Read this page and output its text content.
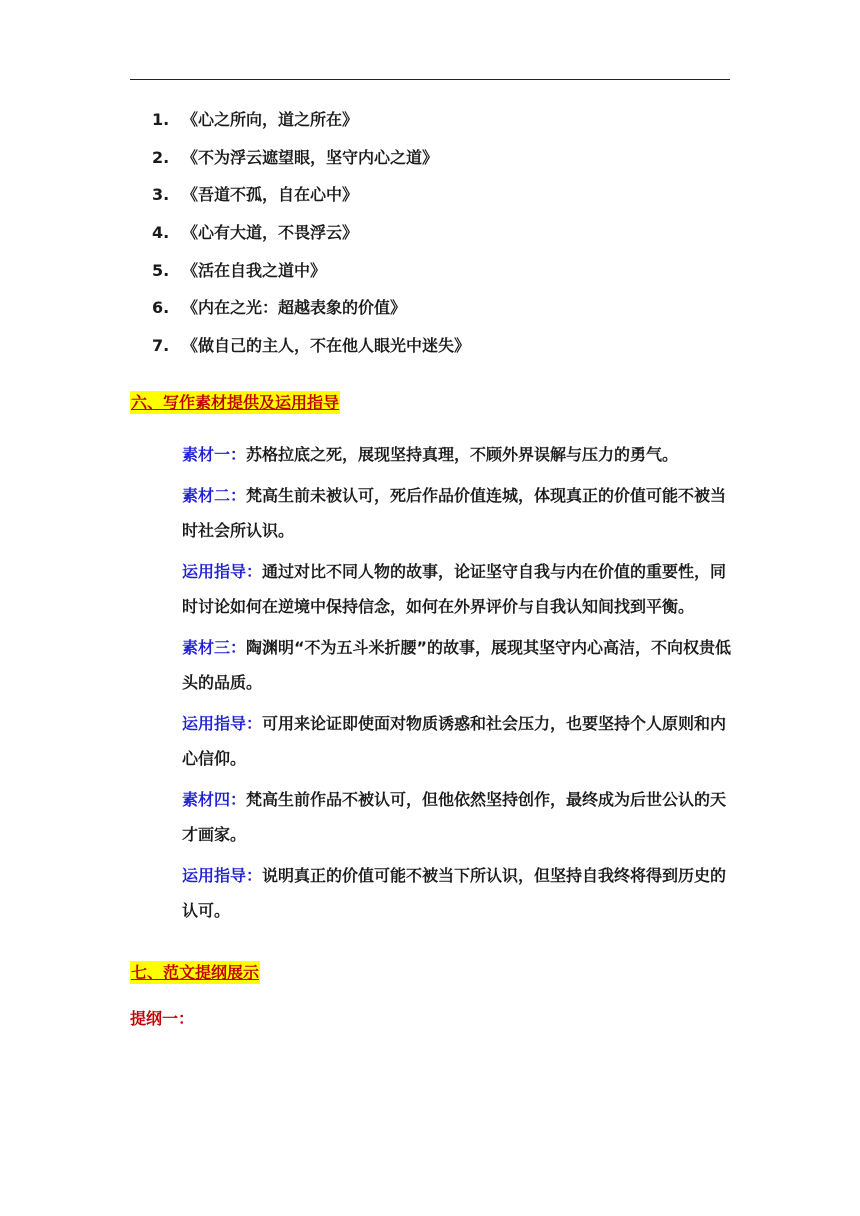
1. 《心之所向，道之所在》
2. 《不为浮云遮望眼，坚守内心之道》
3. 《吾道不孤，自在心中》
4. 《心有大道，不畏浮云》
5. 《活在自我之道中》
6. 《内在之光：超越表象的价值》
7. 《做自己的主人，不在他人眼光中迷失》
六、写作素材提供及运用指导

素材一：苏格拉底之死，展现坚持真理，不顾外界误解与压力的勇气。

素材二：梵高生前未被认可，死后作品价值连城，体现真正的价值可能不被当时社会所认识。

运用指导：通过对比不同人物的故事，论证坚守自我与内在价值的重要性，同时讨论如何在逆境中保持信念，如何在外界评价与自我认知间找到平衡。

素材三：陶渊明“不为五斗米折腰”的故事，展现其坚守内心高洁，不向权贵低头的品质。

运用指导：可用来论证即使面对物质诱惑和社会压力，也要坚持个人原则和内心信仰。

素材四：梵高生前作品不被认可，但他依然坚持创作，最终成为后世公认的天才画家。

运用指导：说明真正的价值可能不被当下所认识，但坚持自我终将得到历史的认可。

七、范文提纲展示
提纲一：
